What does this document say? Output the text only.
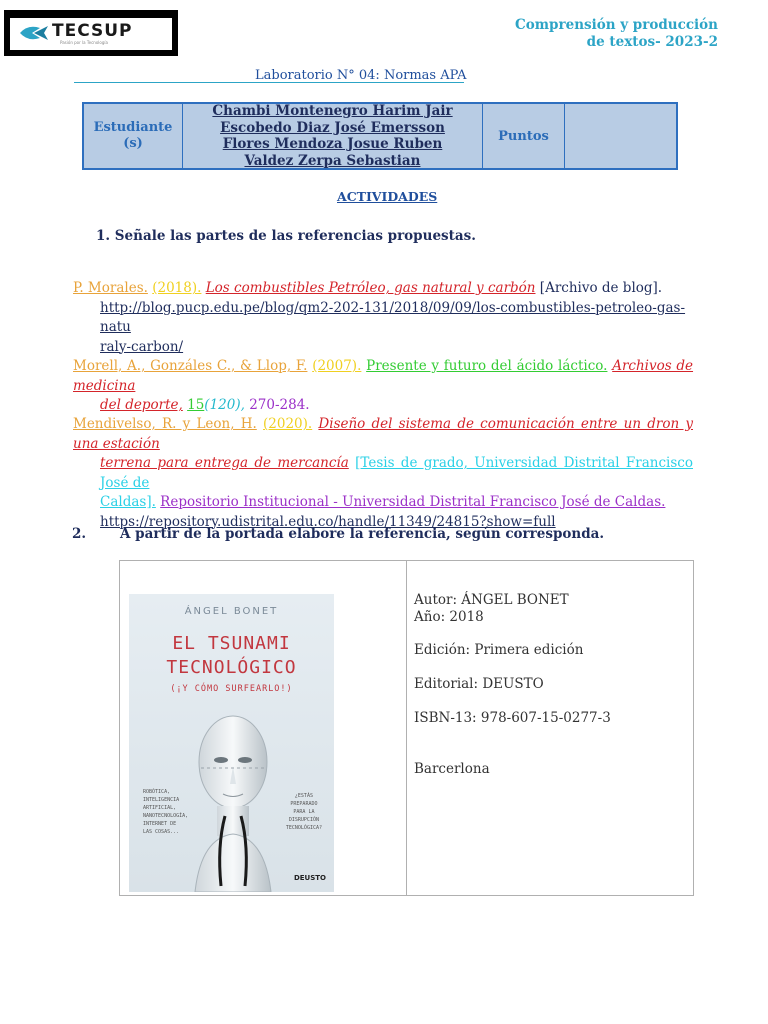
TECSUP
Pasión por la Tecnología
Comprensión y producción
de textos- 2023-2
Laboratorio N° 04: Normas APA
Estudiante
(s)
Chambi Montenegro Harim Jair
Escobedo Diaz José Emersson
Flores Mendoza Josue Ruben
Valdez Zerpa Sebastian
Puntos
ACTIVIDADES
1. Señale las partes de las referencias propuestas.

P. Morales. (2018). Los combustibles Petróleo, gas natural y carbón [Archivo de blog].

http://blog.pucp.edu.pe/blog/qm2-202-131/2018/09/09/los-combustibles-petroleo-gas-natu

raly-carbon/

Morell, A., Gonzáles C., & Llop, F. (2007). Presente y futuro del ácido láctico. Archivos de medicina

del deporte, 15(120), 270-284.

Mendivelso, R. y Leon, H. (2020). Diseño del sistema de comunicación entre un dron y una estación

terrena para entrega de mercancía [Tesis de grado, Universidad Distrital Francisco José de

Caldas]. Repositorio Institucional - Universidad Distrital Francisco José de Caldas.

https://repository.udistrital.edu.co/handle/11349/24815?show=full

2.	A partir de la portada elabore la referencia, según corresponda.
ÁNGEL BONET
EL TSUNAMI
TECNOLÓGICO
(¡Y CÓMO SURFEARLO!)
ROBÓTICA,
INTELIGENCIA
ARTIFICIAL,
NANOTECNOLOGÍA,
INTERNET DE
LAS COSAS...
¿ESTÁS
PREPARADO
PARA LA
DISRUPCIÓN
TECNOLÓGICA?
DEUSTO
Autor: ÁNGEL BONET
Año: 2018
Edición: Primera edición
Editorial: DEUSTO
ISBN-13: 978-607-15-0277-3
Barcerlona
